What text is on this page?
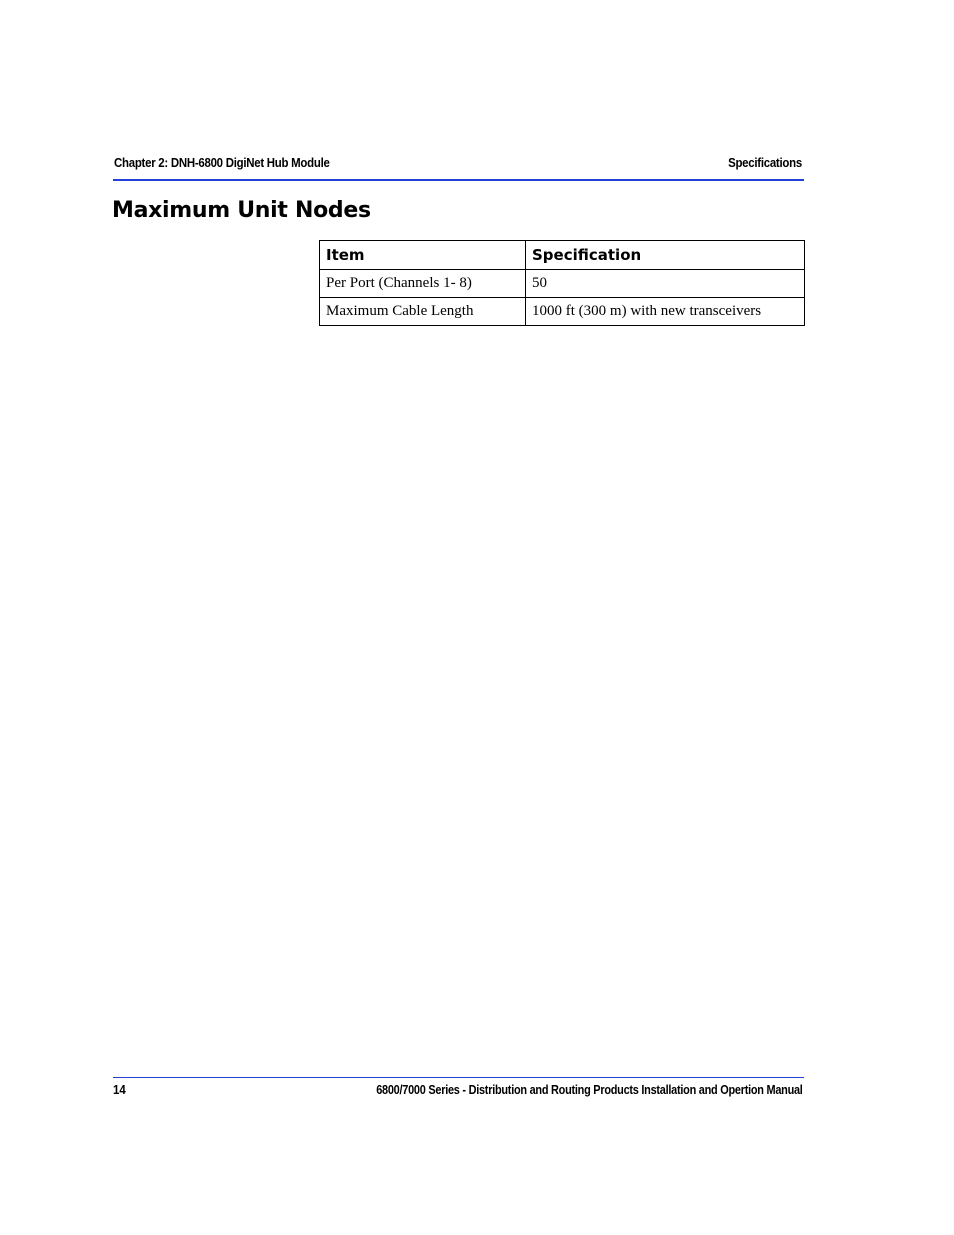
Chapter 2: DNH-6800 DigiNet Hub Module	Specifications
Maximum Unit Nodes
Item	Specification
Per Port (Channels 1- 8)	50
Maximum Cable Length	1000 ft (300 m) with new transceivers
14	6800/7000 Series - Distribution and Routing Products Installation and Opertion Manual
